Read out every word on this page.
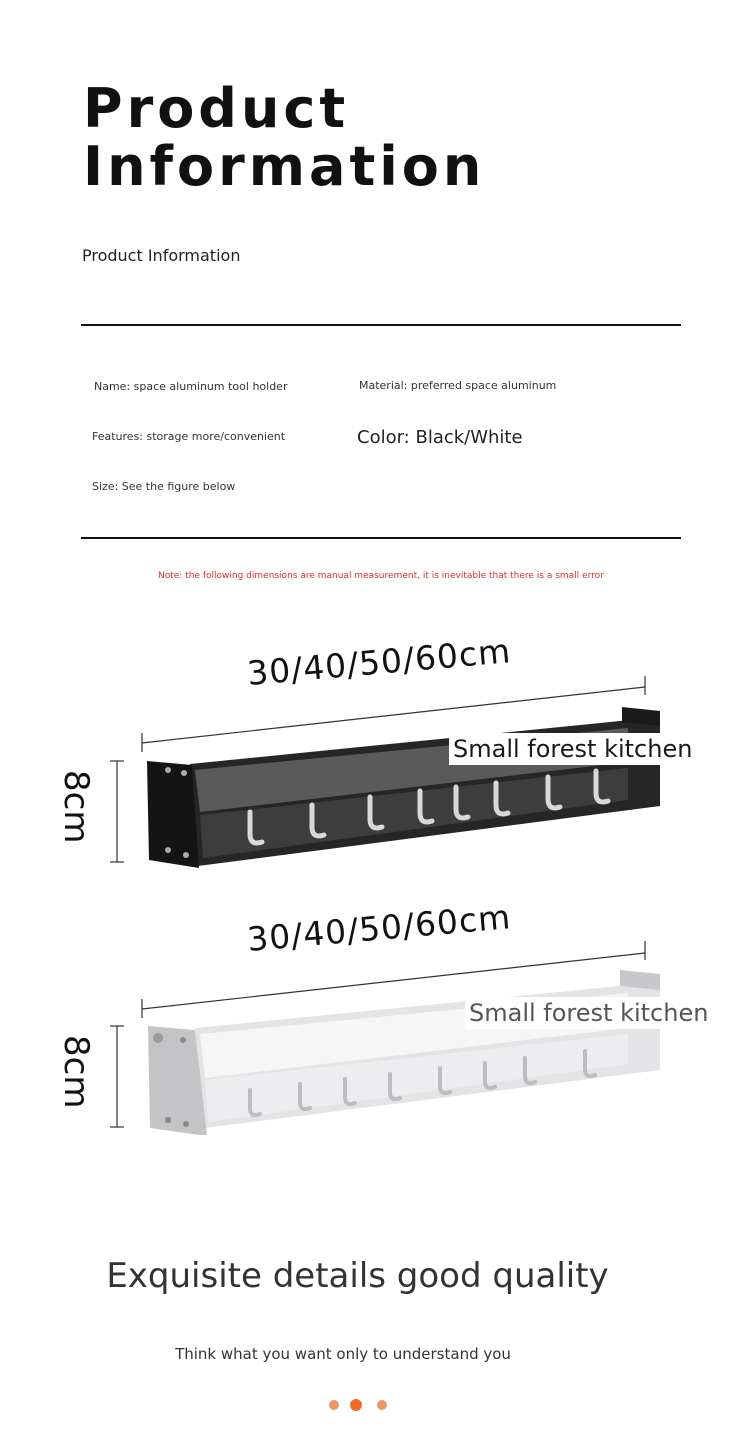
Product
Information
Product Information
Name: space aluminum tool holder	Material: preferred space aluminum
Features: storage more/convenient	Color: Black/White
Size: See the figure below
Note: the following dimensions are manual measurement, it is inevitable that there is a small error
30/40/50/60cm
Small forest kitchen
8cm
30/40/50/60cm
Small forest kitchen
8cm
Exquisite details good quality
Think what you want only to understand you
